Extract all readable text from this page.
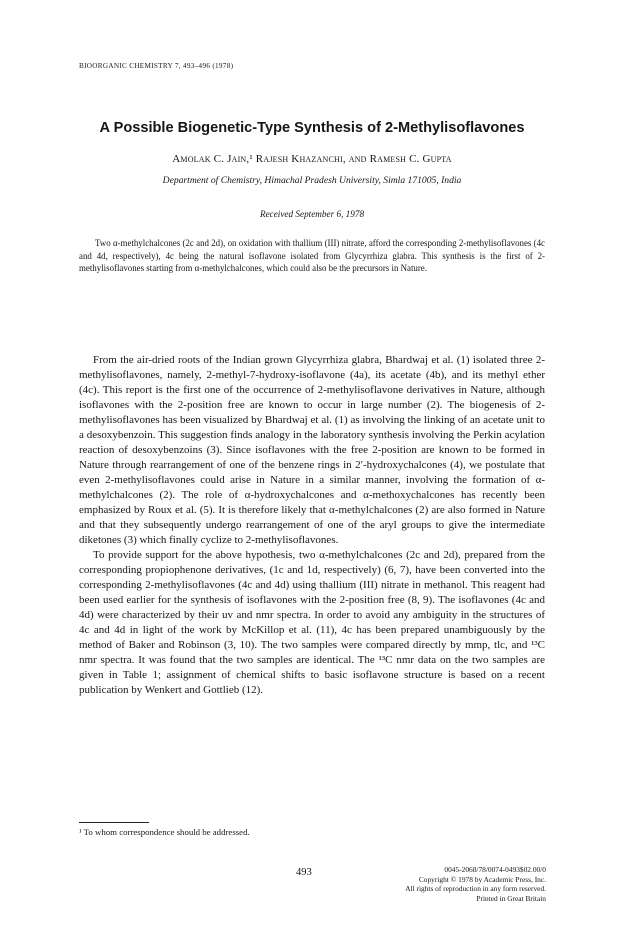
BIOORGANIC CHEMISTRY 7, 493–496 (1978)
A Possible Biogenetic-Type Synthesis of 2-Methylisoflavones
Amolak C. Jain,¹ Rajesh Khazanchi, and Ramesh C. Gupta
Department of Chemistry, Himachal Pradesh University, Simla 171005, India
Received September 6, 1978

Two α-methylchalcones (2c and 2d), on oxidation with thallium (III) nitrate, afford the corresponding 2-methylisoflavones (4c and 4d, respectively), 4c being the natural isoflavone isolated from Glycyrrhiza glabra. This synthesis is the first of 2-methylisoflavones starting from α-methylchalcones, which could also be the precursors in Nature.

From the air-dried roots of the Indian grown Glycyrrhiza glabra, Bhardwaj et al. (1) isolated three 2-methylisoflavones, namely, 2-methyl-7-hydroxy-isoflavone (4a), its acetate (4b), and its methyl ether (4c). This report is the first one of the occurrence of 2-methylisoflavone derivatives in Nature, although isoflavones with the 2-position free are known to occur in large number (2). The biogenesis of 2-methylisoflavones has been visualized by Bhardwaj et al. (1) as involving the linking of an acetate unit to a desoxybenzoin. This suggestion finds analogy in the laboratory synthesis involving the Perkin acylation reaction of desoxybenzoins (3). Since isoflavones with the free 2-position are known to be formed in Nature through rearrangement of one of the benzene rings in 2′-hydroxychalcones (4), we postulate that even 2-methylisoflavones could arise in Nature in a similar manner, involving the formation of α-methylchalcones (2). The role of α-hydroxychalcones and α-methoxychalcones has recently been emphasized by Roux et al. (5). It is therefore likely that α-methylchalcones (2) are also formed in Nature and that they subsequently undergo rearrangement of one of the aryl groups to give the intermediate diketones (3) which finally cyclize to 2-methylisoflavones.

To provide support for the above hypothesis, two α-methylchalcones (2c and 2d), prepared from the corresponding propiophenone derivatives, (1c and 1d, respectively) (6, 7), have been converted into the corresponding 2-methylisoflavones (4c and 4d) using thallium (III) nitrate in methanol. This reagent had been used earlier for the synthesis of isoflavones with the 2-position free (8, 9). The isoflavones (4c and 4d) were characterized by their uv and nmr spectra. In order to avoid any ambiguity in the structures of 4c and 4d in light of the work by McKillop et al. (11), 4c has been prepared unambiguously by the method of Baker and Robinson (3, 10). The two samples were compared directly by mmp, tlc, and ¹³C nmr spectra. It was found that the two samples are identical. The ¹³C nmr data on the two samples are given in Table 1; assignment of chemical shifts to basic isoflavone structure is based on a recent publication by Wenkert and Gottlieb (12).

¹ To whom correspondence should be addressed.
493	0045-2068/78/0074-0493$02.00/0
Copyright © 1978 by Academic Press, Inc.
All rights of reproduction in any form reserved.
Printed in Great Britain
